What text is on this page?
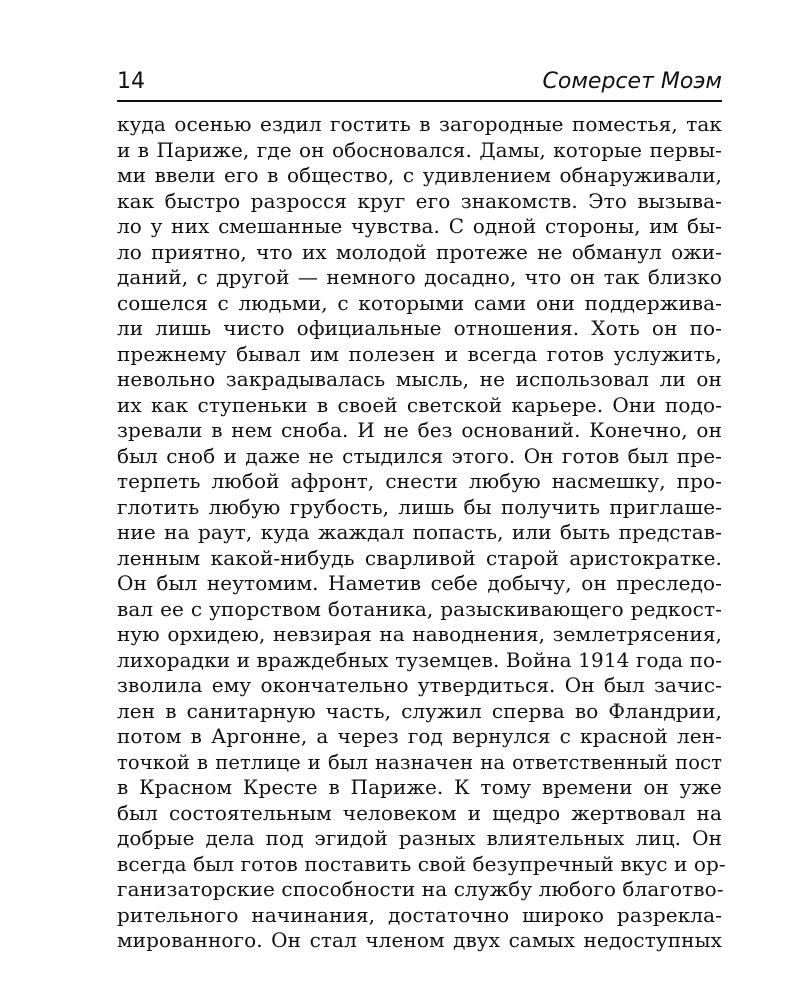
14	Сомерсет Моэм
куда осенью ездил гостить в загородные поместья, так
и в Париже, где он обосновался. Дамы, которые первы-
ми ввели его в общество, с удивлением обнаруживали,
как быстро разросся круг его знакомств. Это вызыва-
ло у них смешанные чувства. С одной стороны, им бы-
ло приятно, что их молодой протеже не обманул ожи-
даний, с другой — немного досадно, что он так близко
сошелся с людьми, с которыми сами они поддержива-
ли лишь чисто официальные отношения. Хоть он по-
прежнему бывал им полезен и всегда готов услужить,
невольно закрадывалась мысль, не использовал ли он
их как ступеньки в своей светской карьере. Они подо-
зревали в нем сноба. И не без оснований. Конечно, он
был сноб и даже не стыдился этого. Он готов был пре-
терпеть любой афронт, снести любую насмешку, про-
глотить любую грубость, лишь бы получить приглаше-
ние на раут, куда жаждал попасть, или быть представ-
ленным какой-нибудь сварливой старой аристократке.
Он был неутомим. Наметив себе добычу, он преследо-
вал ее с упорством ботаника, разыскивающего редкост-
ную орхидею, невзирая на наводнения, землетрясения,
лихорадки и враждебных туземцев. Война 1914 года по-
зволила ему окончательно утвердиться. Он был зачис-
лен в санитарную часть, служил сперва во Фландрии,
потом в Аргонне, а через год вернулся с красной лен-
точкой в петлице и был назначен на ответственный пост
в Красном Кресте в Париже. К тому времени он уже
был состоятельным человеком и щедро жертвовал на
добрые дела под эгидой разных влиятельных лиц. Он
всегда был готов поставить свой безупречный вкус и ор-
ганизаторские способности на службу любого благотво-
рительного начинания, достаточно широко разрекла-
мированного. Он стал членом двух самых недоступных
